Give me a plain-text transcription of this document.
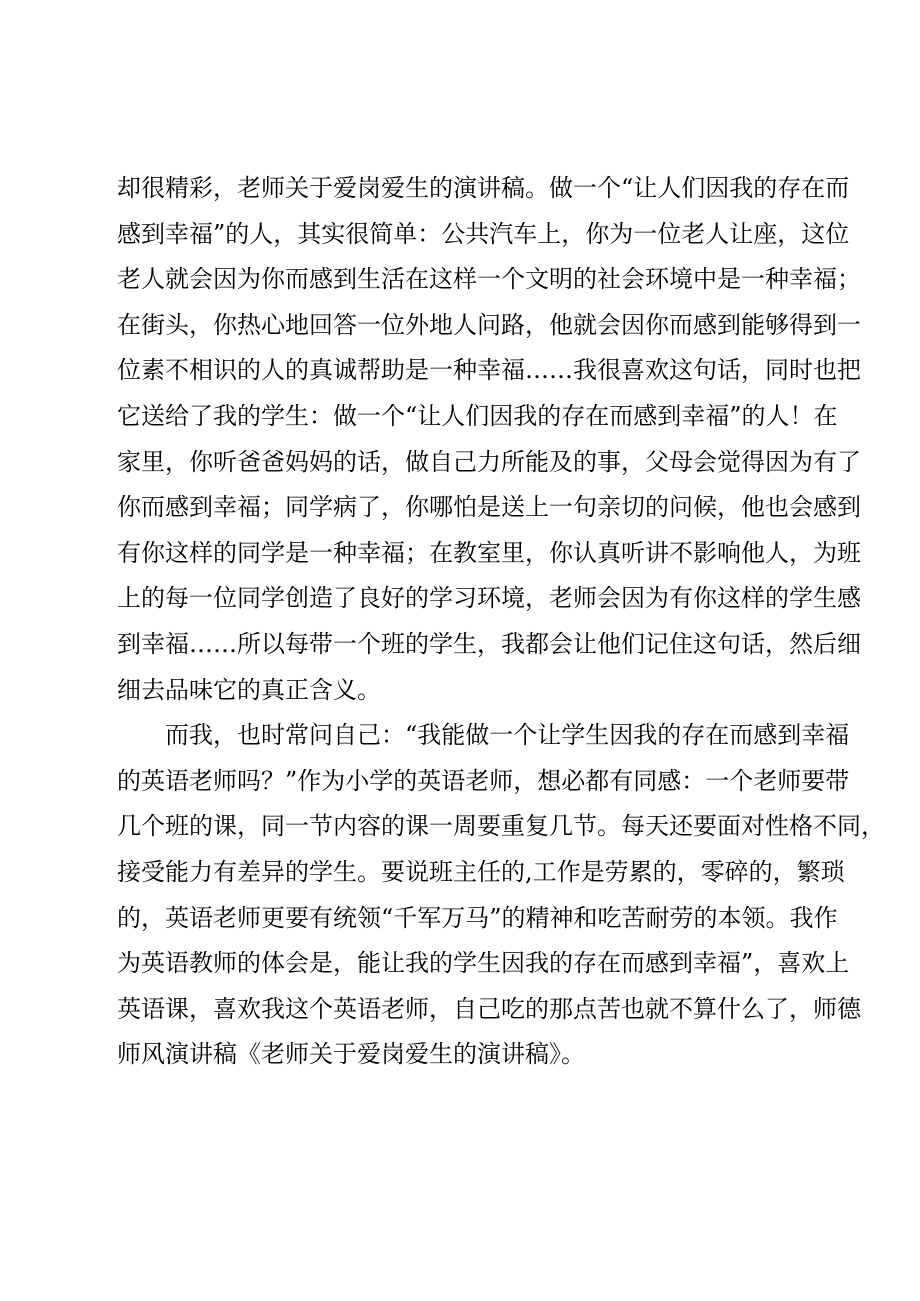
却很精彩，老师关于爱岗爱生的演讲稿。做一个“让人们因我的存在而
感到幸福”的人，其实很简单：公共汽车上，你为一位老人让座，这位
老人就会因为你而感到生活在这样一个文明的社会环境中是一种幸福；
在街头，你热心地回答一位外地人问路，他就会因你而感到能够得到一
位素不相识的人的真诚帮助是一种幸福……我很喜欢这句话，同时也把
它送给了我的学生：做一个“让人们因我的存在而感到幸福”的人！在
家里，你听爸爸妈妈的话，做自己力所能及的事，父母会觉得因为有了
你而感到幸福；同学病了，你哪怕是送上一句亲切的问候，他也会感到
有你这样的同学是一种幸福；在教室里，你认真听讲不影响他人，为班
上的每一位同学创造了良好的学习环境，老师会因为有你这样的学生感
到幸福……所以每带一个班的学生，我都会让他们记住这句话，然后细
细去品味它的真正含义。
而我，也时常问自己：“我能做一个让学生因我的存在而感到幸福
的英语老师吗？”作为小学的英语老师，想必都有同感：一个老师要带
几个班的课，同一节内容的课一周要重复几节。每天还要面对性格不同，
接受能力有差异的学生。要说班主任的,工作是劳累的，零碎的，繁琐
的，英语老师更要有统领“千军万马”的精神和吃苦耐劳的本领。我作
为英语教师的体会是，能让我的学生因我的存在而感到幸福”，喜欢上
英语课，喜欢我这个英语老师，自己吃的那点苦也就不算什么了，师德
师风演讲稿《老师关于爱岗爱生的演讲稿》。
